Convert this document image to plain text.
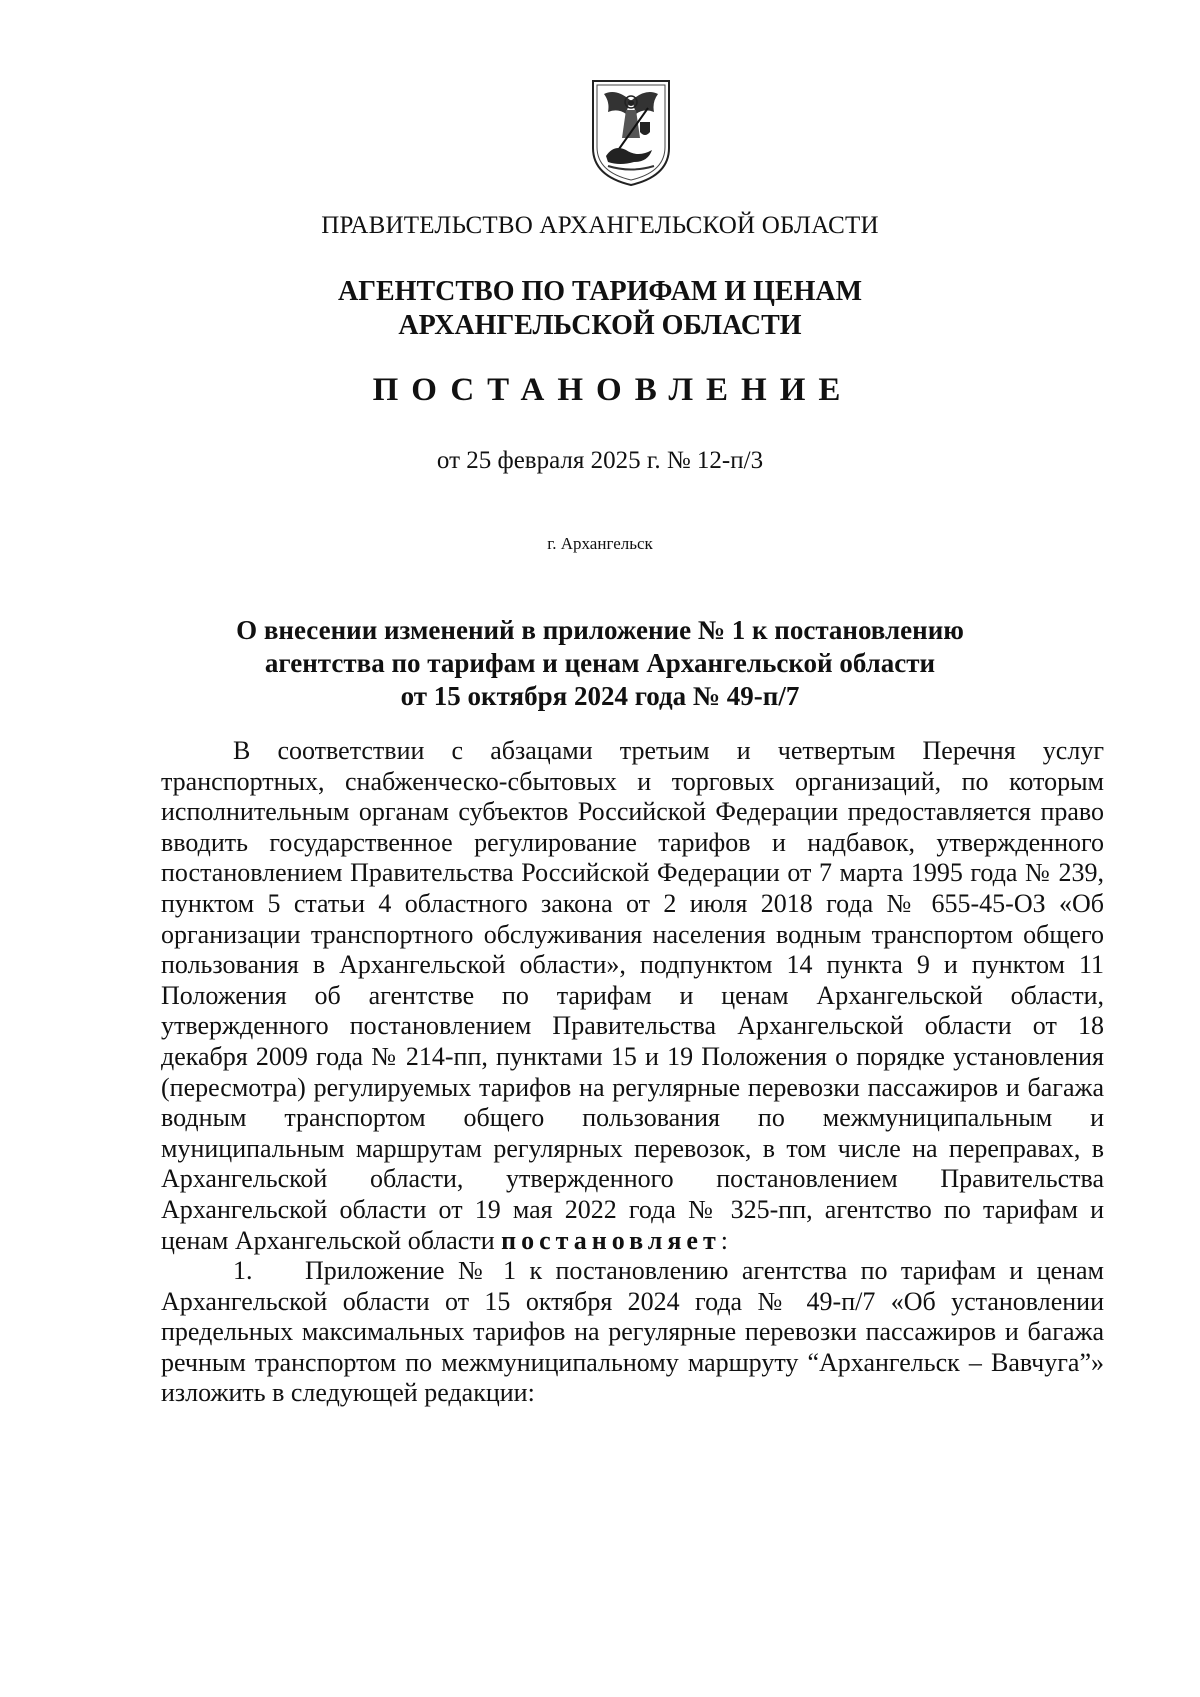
ПРАВИТЕЛЬСТВО АРХАНГЕЛЬСКОЙ ОБЛАСТИ

АГЕНТСТВО ПО ТАРИФАМ И ЦЕНАМ
АРХАНГЕЛЬСКОЙ ОБЛАСТИ

ПОСТАНОВЛЕНИЕ

от 25 февраля 2025 г. № 12-п/3

г. Архангельск

О внесении изменений в приложение № 1 к постановлению
агентства по тарифам и ценам Архангельской области
от 15 октября 2024 года № 49-п/7

В соответствии с абзацами третьим и четвертым Перечня услуг транспортных, снабженческо-сбытовых и торговых организаций, по которым исполнительным органам субъектов Российской Федерации предоставляется право вводить государственное регулирование тарифов и надбавок, утвержденного постановлением Правительства Российской Федерации от 7 марта 1995 года № 239, пунктом 5 статьи 4 областного закона от 2 июля 2018 года № 655-45-ОЗ «Об организации транспортного обслуживания населения водным транспортом общего пользования в Архангельской области», подпунктом 14 пункта 9 и пунктом 11 Положения об агентстве по тарифам и ценам Архангельской области, утвержденного постановлением Правительства Архангельской области от 18 декабря 2009 года № 214-пп, пунктами 15 и 19 Положения о порядке установления (пересмотра) регулируемых тарифов на регулярные перевозки пассажиров и багажа водным транспортом общего пользования по межмуниципальным и муниципальным маршрутам регулярных перевозок, в том числе на переправах, в Архангельской области, утвержденного постановлением Правительства Архангельской области от 19 мая 2022 года № 325-пп, агентство по тарифам и ценам Архангельской области постановляет:

1. Приложение № 1 к постановлению агентства по тарифам и ценам Архангельской области от 15 октября 2024 года № 49-п/7 «Об установлении предельных максимальных тарифов на регулярные перевозки пассажиров и багажа речным транспортом по межмуниципальному маршруту “Архангельск – Вавчуга”» изложить в следующей редакции:
